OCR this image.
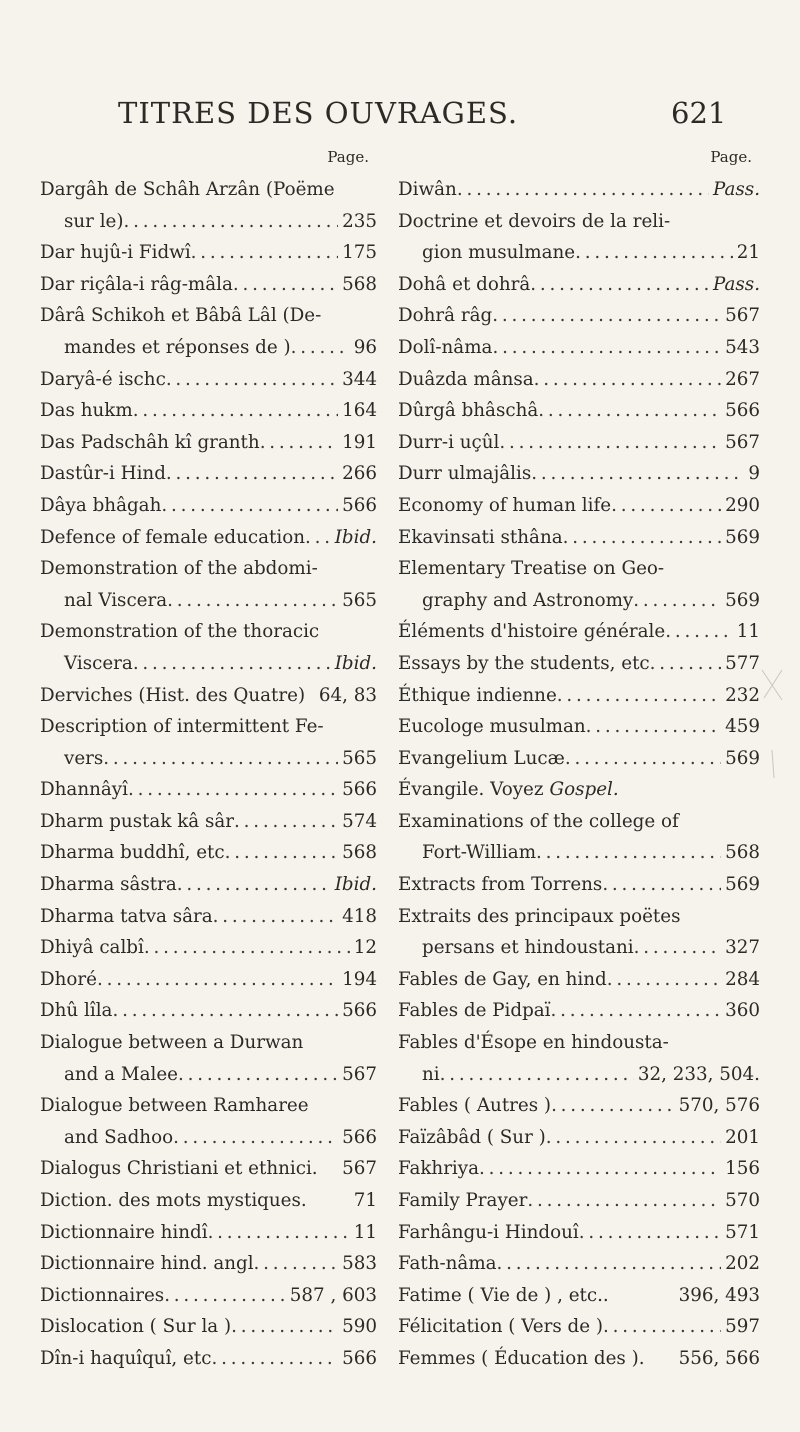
TITRES DES OUVRAGES.	621
Page.
Dargâh de Schâh Arzân (Poëme
sur le) . . .	235
Dar hujû-i Fidwî . . .	175
Dar riçâla-i râg-mâla . . .	568
Dârâ Schikoh et Bâbâ Lâl (De-
mandes et réponses de ) . . .	96
Daryâ-é ischc . . .	344
Das hukm . . .	164
Das Padschâh kî granth . . .	191
Dastûr-i Hind . . .	266
Dâya bhâgah . . .	566
Defence of female education . . . Ibid.
Demonstration of the abdomi-
nal Viscera . . .	565
Demonstration of the thoracic
Viscera . . .	Ibid.
Derviches (Hist. des Quatre) 64, 83
Description of intermittent Fe-
vers . . .	565
Dhannâyî . . .	566
Dharm pustak kâ sâr . . .	574
Dharma buddhî, etc . . .	568
Dharma sâstra . . .	Ibid.
Dharma tatva sâra . . .	418
Dhiyâ calbî . . .	12
Dhoré . . .	194
Dhû lîla . . .	566
Dialogue between a Durwan
and a Malee . . .	567
Dialogue between Ramharee
and Sadhoo . . .	566
Dialogus Christiani et ethnici. 567
Diction. des mots mystiques.	71
Dictionnaire hindî . . .	11
Dictionnaire hind. angl . . .	583
Dictionnaires . . .	587 , 603
Dislocation ( Sur la ) . . .	590
Dîn-i haquîquî, etc . . .	566
Page.
Diwân . . .	Pass.
Doctrine et devoirs de la reli-
gion musulmane . . .	21
Dohâ et dohrâ . . .	Pass.
Dohrâ râg . . .	567
Dolî-nâma . . .	543
Duâzda mânsa . . .	267
Dûrgâ bhâschâ . . .	566
Durr-i uçûl . . .	567
Durr ulmajâlis . . .	9
Economy of human life . . .	290
Ekavinsati sthâna . . .	569
Elementary Treatise on Geo-
graphy and Astronomy . . .	569
Éléments d'histoire générale . . .	11
Essays by the students, etc . . .	577
Éthique indienne . . .	232
Eucologe musulman . . .	459
Evangelium Lucæ . . .	569
Évangile. Voyez Gospel.
Examinations of the college of
Fort-William . . .	568
Extracts from Torrens . . .	569
Extraits des principaux poëtes
persans et hindoustani . . .	327
Fables de Gay, en hind . . .	284
Fables de Pidpaï . . .	360
Fables d'Ésope en hindousta-
ni . . .	32, 233, 504.
Fables ( Autres ) . . .	570, 576
Faïzâbâd ( Sur ) . . .	201
Fakhriya . . .	156
Family Prayer . . .	570
Farhângu-i Hindouî . . .	571
Fath-nâma . . .	202
Fatime ( Vie de ) , etc..	396, 493
Félicitation ( Vers de ) . . .	597
Femmes ( Éducation des ). 556, 566
